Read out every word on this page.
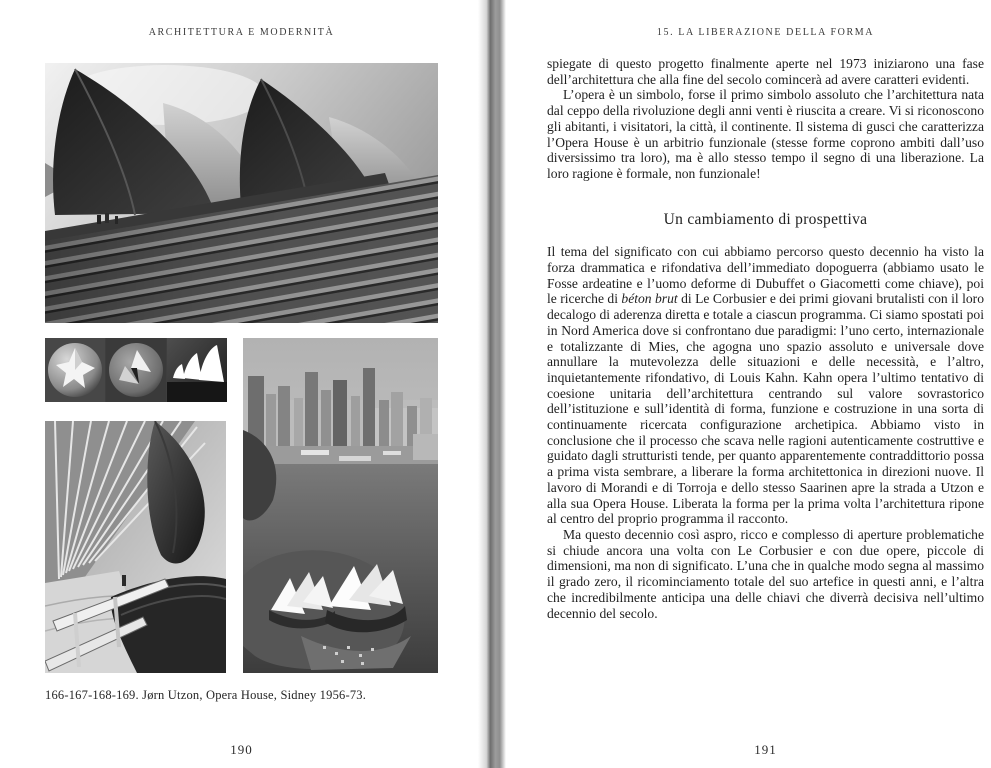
ARCHITETTURA E MODERNITÀ
166-167-168-169. Jørn Utzon, Opera House, Sidney 1956-73.
190
15. LA LIBERAZIONE DELLA FORMA

spiegate di questo progetto finalmente aperte nel 1973 iniziarono una fase dell’architettura che alla fine del secolo comincerà ad avere caratteri evidenti.

L’opera è un simbolo, forse il primo simbolo assoluto che l’architettura nata dal ceppo della rivoluzione degli anni venti è riuscita a creare. Vi si riconoscono gli abitanti, i visitatori, la città, il continente. Il sistema di gusci che caratterizza l’Opera House è un arbitrio funzionale (stesse forme coprono ambiti dall’uso diversissimo tra loro), ma è allo stesso tempo il segno di una liberazione. La loro ragione è formale, non funzionale!

Un cambiamento di prospettiva

Il tema del significato con cui abbiamo percorso questo decennio ha visto la forza drammatica e rifondativa dell’immediato dopoguerra (abbiamo usato le Fosse ardeatine e l’uomo deforme di Dubuffet o Giacometti come chiave), poi le ricerche di béton brut di Le Corbusier e dei primi giovani brutalisti con il loro decalogo di aderenza diretta e totale a ciascun programma. Ci siamo spostati poi in Nord America dove si confrontano due paradigmi: l’uno certo, internazionale e totalizzante di Mies, che agogna uno spazio assoluto e universale dove annullare la mutevolezza delle situazioni e delle necessità, e l’altro, inquietantemente rifondativo, di Louis Kahn. Kahn opera l’ultimo tentativo di coesione unitaria dell’architettura centrando sul valore sovrastorico dell’istituzione e sull’identità di forma, funzione e costruzione in una sorta di continuamente ricercata configurazione archetipica. Abbiamo visto in conclusione che il processo che scava nelle ragioni autenticamente costruttive e guidato dagli strutturisti tende, per quanto apparentemente contraddittorio possa a prima vista sembrare, a liberare la forma architettonica in direzioni nuove. Il lavoro di Morandi e di Torroja e dello stesso Saarinen apre la strada a Utzon e alla sua Opera House. Liberata la forma per la prima volta l’architettura ripone al centro del proprio programma il racconto.

Ma questo decennio così aspro, ricco e complesso di aperture problematiche si chiude ancora una volta con Le Corbusier e con due opere, piccole di dimensioni, ma non di significato. L’una che in qualche modo segna al massimo il grado zero, il ricominciamento totale del suo artefice in questi anni, e l’altra che incredibilmente anticipa una delle chiavi che diverrà decisiva nell’ultimo decennio del secolo.

191
